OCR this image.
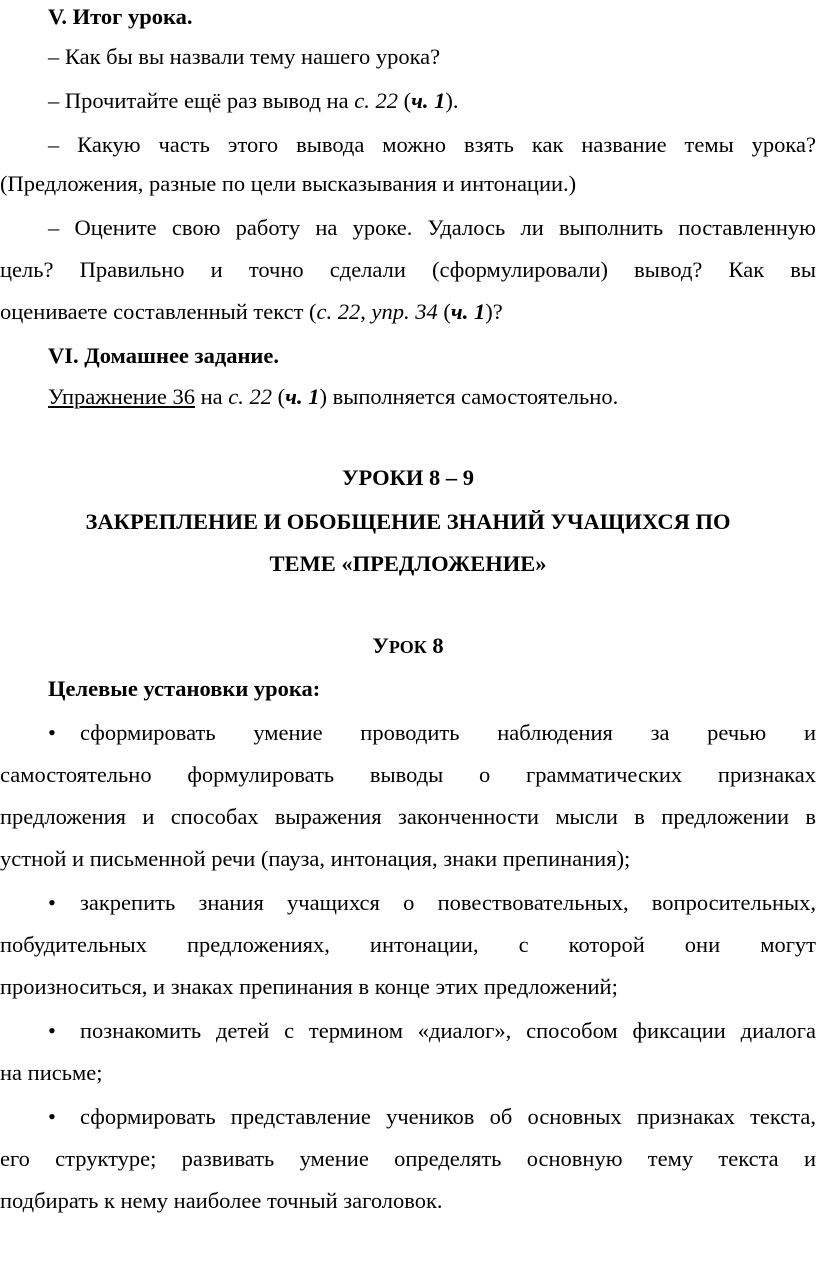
V. Итог урока.
– Как бы вы назвали тему нашего урока?
– Прочитайте ещё раз вывод на с. 22 (ч. 1).
– Какую часть этого вывода можно взять как название темы урока?
(Предложения, разные по цели высказывания и интонации.)
– Оцените свою работу на уроке. Удалось ли выполнить поставленную
цель? Правильно и точно сделали (сформулировали) вывод? Как вы
оцениваете составленный текст (с. 22, упр. 34 (ч. 1)?
VI. Домашнее задание.
Упражнение 36 на с. 22 (ч. 1) выполняется самостоятельно.
УРОКИ 8 – 9
ЗАКРЕПЛЕНИЕ И ОБОБЩЕНИЕ ЗНАНИЙ УЧАЩИХСЯ ПО
ТЕМЕ «ПРЕДЛОЖЕНИЕ»
УРОК 8
Целевые установки урока:
•	сформировать умение проводить наблюдения за речью и
самостоятельно формулировать выводы о грамматических признаках
предложения и способах выражения законченности мысли в предложении в
устной и письменной речи (пауза, интонация, знаки препинания);
•	закрепить знания учащихся о повествовательных, вопросительных,
побудительных предложениях, интонации, с которой они могут
произноситься, и знаках препинания в конце этих предложений;
•	познакомить детей с термином «диалог», способом фиксации диалога
на письме;
•	сформировать представление учеников об основных признаках текста,
его структуре; развивать умение определять основную тему текста и
подбирать к нему наиболее точный заголовок.
